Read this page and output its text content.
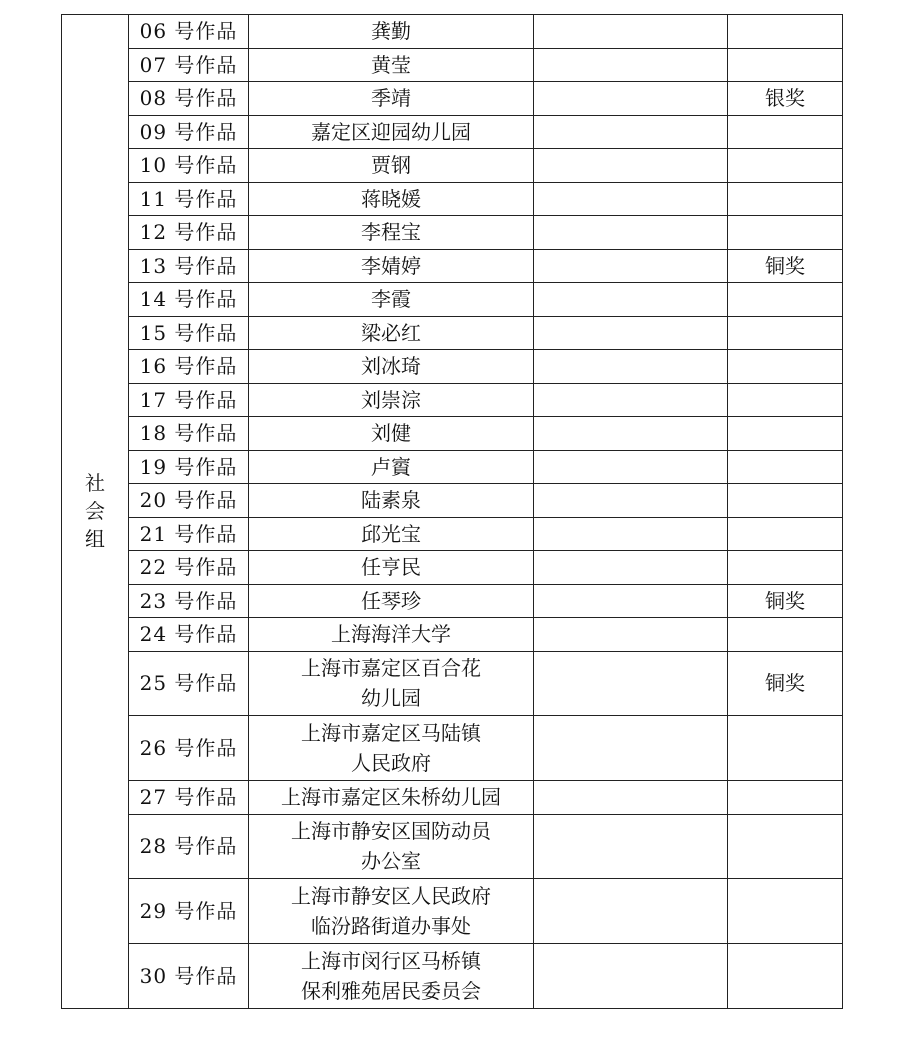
社
会
组	06 号作品	龚勤		

	07 号作品	黄莹		

	08 号作品	季靖		银奖
	09 号作品	嘉定区迎园幼儿园		

	10 号作品	贾钢		

	11 号作品	蒋晓媛		

	12 号作品	李程宝		

	13 号作品	李婧婷		铜奖
	14 号作品	李霞		

	15 号作品	梁必红		

	16 号作品	刘冰琦		

	17 号作品	刘崇淙		

	18 号作品	刘健		

	19 号作品	卢賨		

	20 号作品	陆素泉		

	21 号作品	邱光宝		

	22 号作品	任亨民		

	23 号作品	任琴珍		铜奖
	24 号作品	上海海洋大学		

	25 号作品	上海市嘉定区百合花
幼儿园		铜奖
	26 号作品	上海市嘉定区马陆镇
人民政府		

	27 号作品	上海市嘉定区朱桥幼儿园		

	28 号作品	上海市静安区国防动员
办公室		

	29 号作品	上海市静安区人民政府
临汾路街道办事处		

	30 号作品	上海市闵行区马桥镇
保利雅苑居民委员会		
